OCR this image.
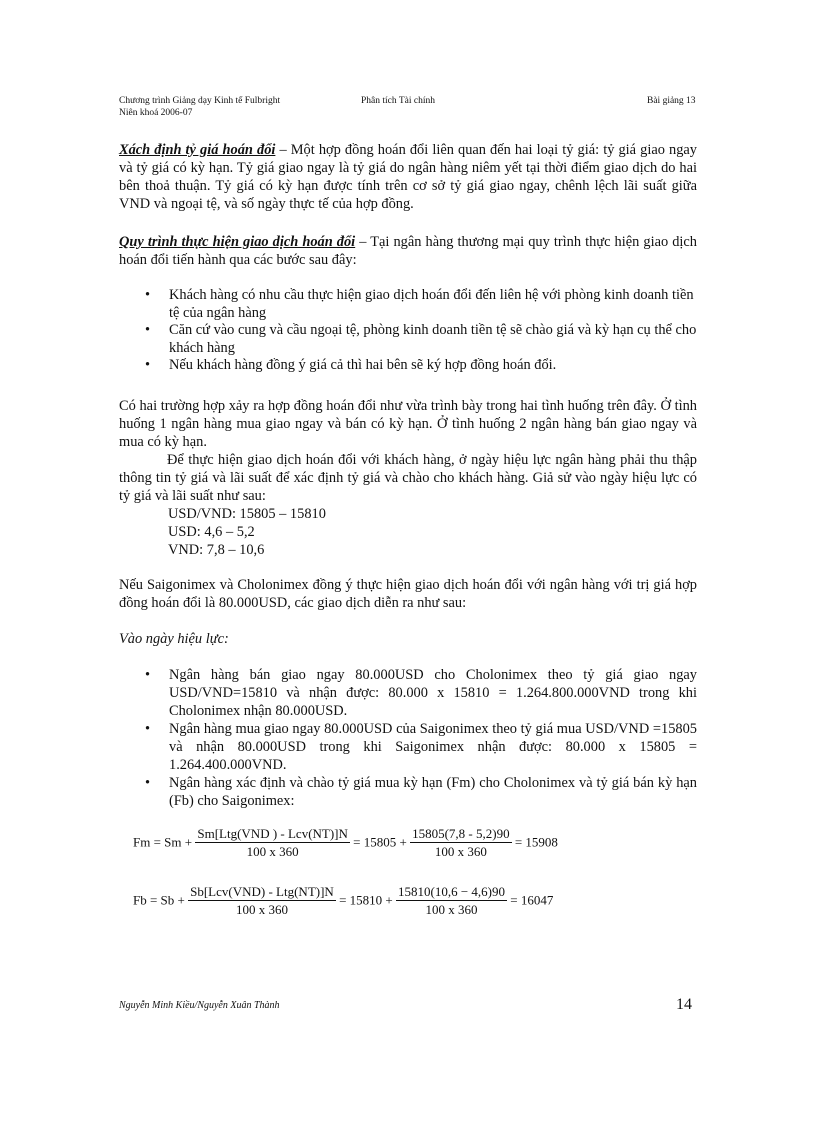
Chương trình Giảng dạy Kinh tế Fulbright
Niên khoá 2006-07
Phân tích Tài chính	Bài giảng 13
Xách định tỷ giá hoán đổi – Một hợp đồng hoán đổi liên quan đến hai loại tỷ giá: tỷ giá giao ngay và tỷ giá có kỳ hạn. Tỷ giá giao ngay là tỷ giá do ngân hàng niêm yết tại thời điểm giao dịch do hai bên thoả thuận. Tỷ giá có kỳ hạn được tính trên cơ sở tỷ giá giao ngay, chênh lệch lãi suất giữa VND và ngoại tệ, và số ngày thực tế của hợp đồng.
Quy trình thực hiện giao dịch hoán đổi – Tại ngân hàng thương mại quy trình thực hiện giao dịch hoán đổi tiến hành qua các bước sau đây:
• Khách hàng có nhu cầu thực hiện giao dịch hoán đổi đến liên hệ với phòng kinh doanh tiền tệ của ngân hàng
• Căn cứ vào cung và cầu ngoại tệ, phòng kinh doanh tiền tệ sẽ chào giá và kỳ hạn cụ thể cho khách hàng
• Nếu khách hàng đồng ý giá cả thì hai bên sẽ ký hợp đồng hoán đổi.
Có hai trường hợp xảy ra hợp đồng hoán đổi như vừa trình bày trong hai tình huống trên đây. Ở tình huống 1 ngân hàng mua giao ngay và bán có kỳ hạn. Ở tình huống 2 ngân hàng bán giao ngay và mua có kỳ hạn.
Để thực hiện giao dịch hoán đổi với khách hàng, ở ngày hiệu lực ngân hàng phải thu thập thông tin tỷ giá và lãi suất để xác định tỷ giá và chào cho khách hàng. Giả sử vào ngày hiệu lực có tỷ giá và lãi suất như sau:
USD/VND: 15805 – 15810
USD: 4,6 – 5,2
VND: 7,8 – 10,6
Nếu Saigonimex và Cholonimex đồng ý thực hiện giao dịch hoán đổi với ngân hàng với trị giá hợp đồng hoán đổi là 80.000USD, các giao dịch diễn ra như sau:
Vào ngày hiệu lực:
• Ngân hàng bán giao ngay 80.000USD cho Cholonimex theo tỷ giá giao ngay USD/VND=15810 và nhận được: 80.000 x 15810 = 1.264.800.000VND trong khi Cholonimex nhận 80.000USD.
• Ngân hàng mua giao ngay 80.000USD của Saigonimex theo tỷ giá mua USD/VND =15805 và nhận 80.000USD trong khi Saigonimex nhận được: 80.000 x 15805 = 1.264.400.000VND.
• Ngân hàng xác định và chào tỷ giá mua kỳ hạn (Fm) cho Cholonimex và tỷ giá bán kỳ hạn (Fb) cho Saigonimex:
$Fm = Sm + \frac{\text{Sm[Ltg(VND ) - Lcv(NT)]N}}{100 x 360} = 15805 + \frac{15805(7,8 - 5,2)90}{100 x 360} = 15908$
$Fb = Sb + \frac{\text{Sb[Lcv(VND) - Ltg(NT)]N}}{100 x 360} = 15810 + \frac{15810(10,6 - 4,6)90}{100 x 360} = 16047$
Nguyễn Minh Kiều/Nguyễn Xuân Thành	14
